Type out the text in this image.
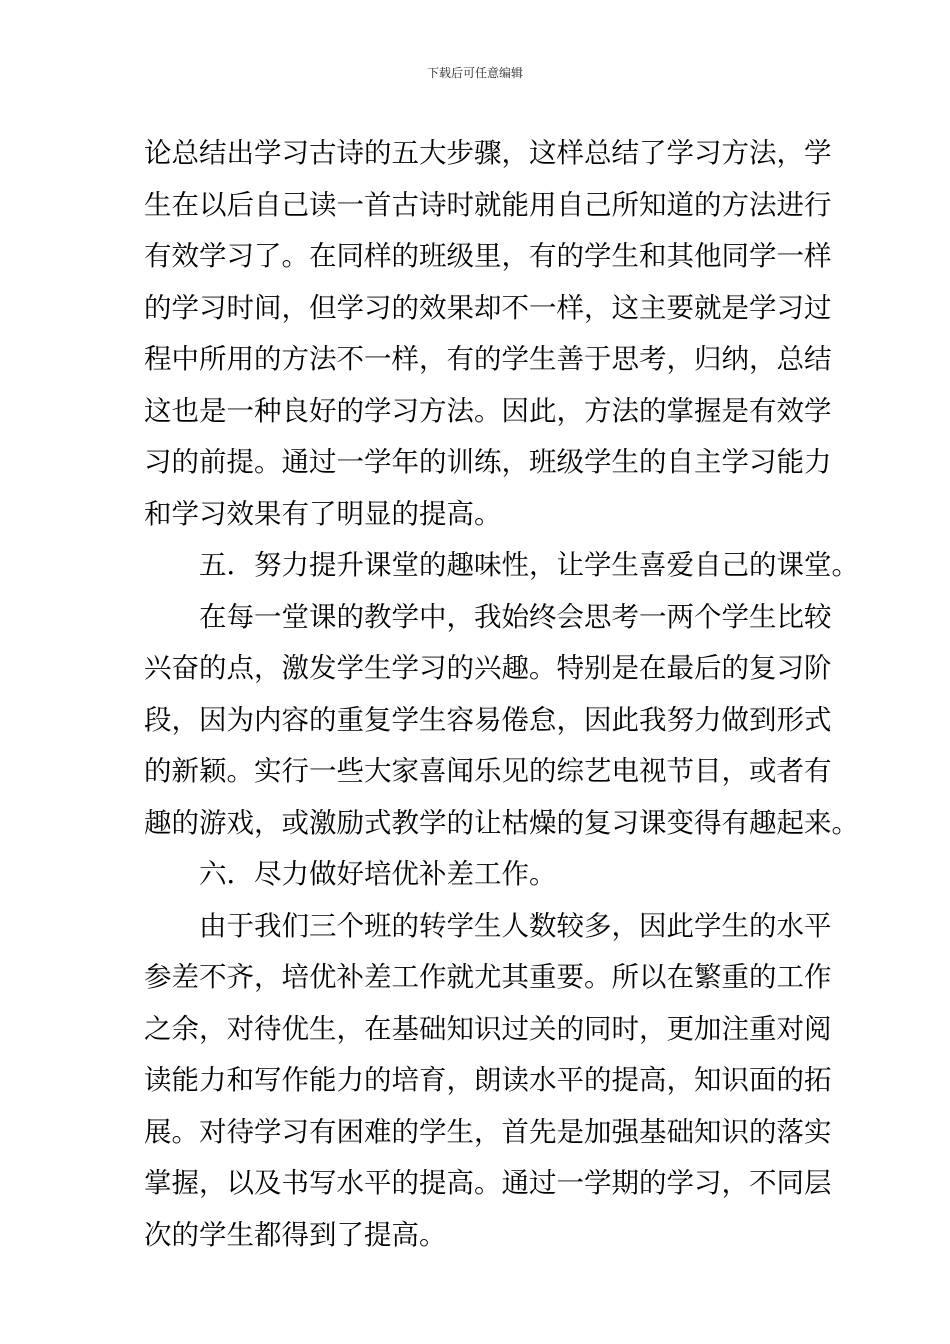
下载后可任意编辑
论总结出学习古诗的五大步骤，这样总结了学习方法，学
生在以后自己读一首古诗时就能用自己所知道的方法进行
有效学习了。在同样的班级里，有的学生和其他同学一样
的学习时间，但学习的效果却不一样，这主要就是学习过
程中所用的方法不一样，有的学生善于思考，归纳，总结
这也是一种良好的学习方法。因此，方法的掌握是有效学
习的前提。通过一学年的训练，班级学生的自主学习能力
和学习效果有了明显的提高。
五．努力提升课堂的趣味性，让学生喜爱自己的课堂。
在每一堂课的教学中，我始终会思考一两个学生比较
兴奋的点，激发学生学习的兴趣。特别是在最后的复习阶
段，因为内容的重复学生容易倦怠，因此我努力做到形式
的新颖。实行一些大家喜闻乐见的综艺电视节目，或者有
趣的游戏，或激励式教学的让枯燥的复习课变得有趣起来。
六．尽力做好培优补差工作。
由于我们三个班的转学生人数较多，因此学生的水平
参差不齐，培优补差工作就尤其重要。所以在繁重的工作
之余，对待优生，在基础知识过关的同时，更加注重对阅
读能力和写作能力的培育，朗读水平的提高，知识面的拓
展。对待学习有困难的学生，首先是加强基础知识的落实
掌握，以及书写水平的提高。通过一学期的学习，不同层
次的学生都得到了提高。
